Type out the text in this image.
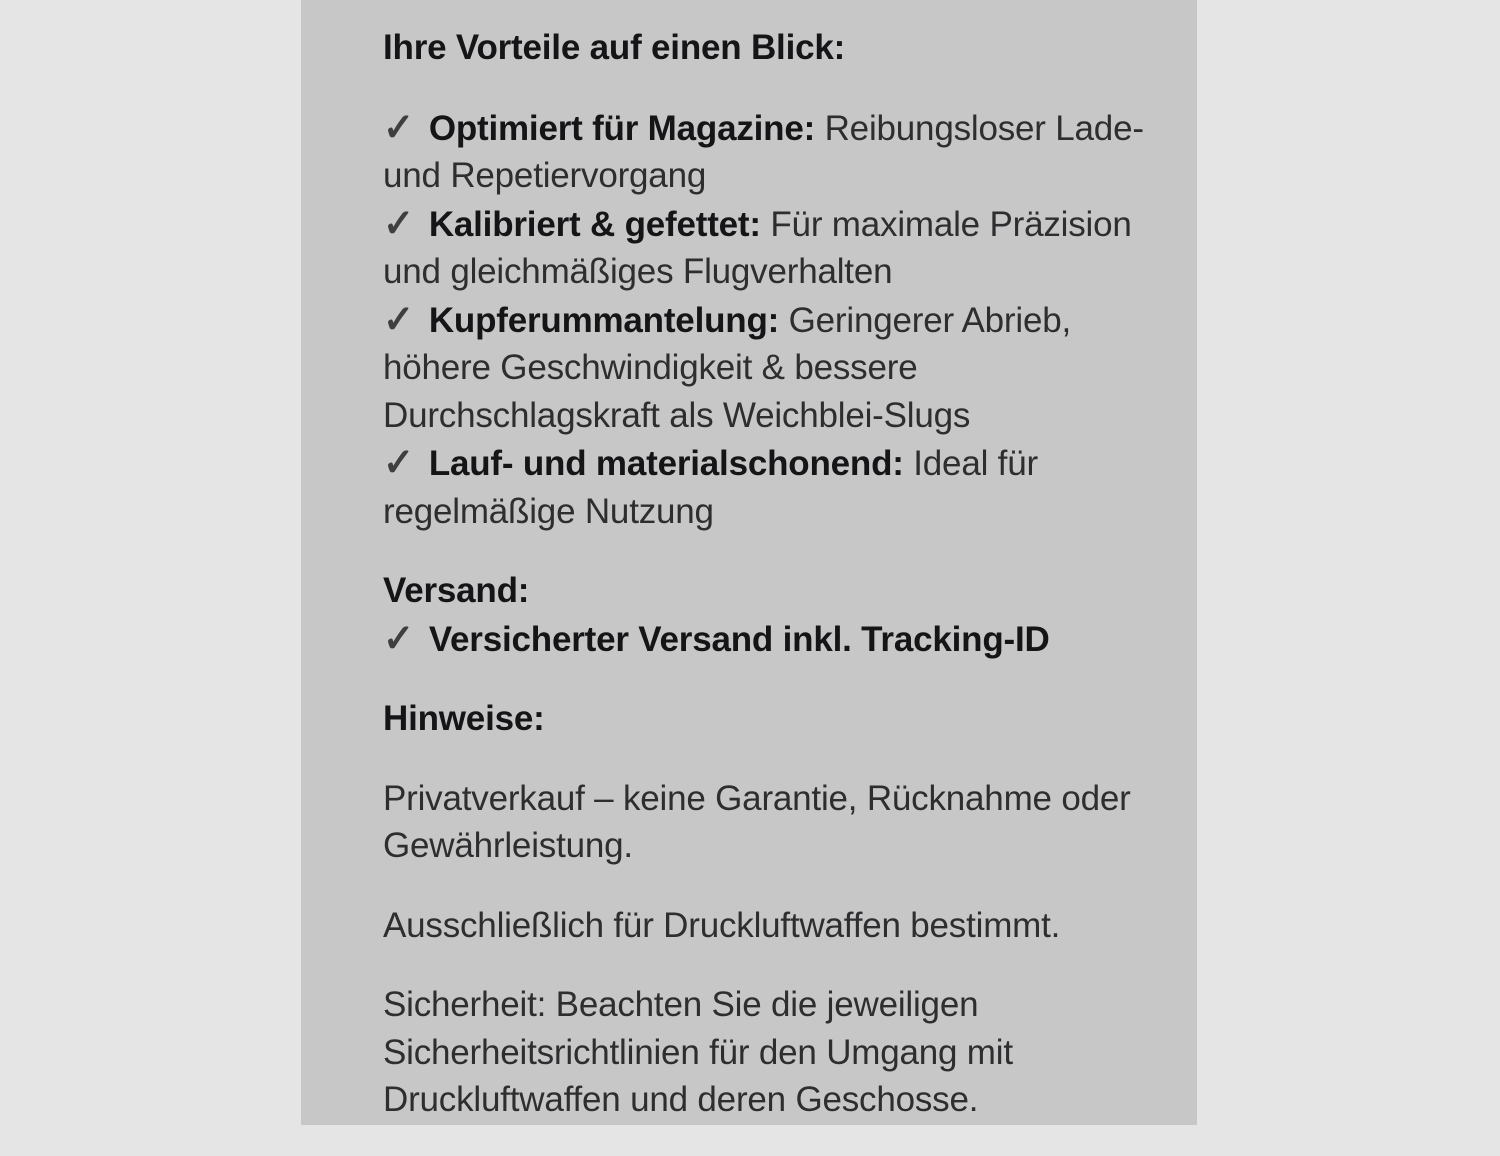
Ihre Vorteile auf einen Blick:
✓ Optimiert für Magazine: Reibungsloser Lade-
und Repetiervorgang
✓ Kalibriert & gefettet: Für maximale Präzision
und gleichmäßiges Flugverhalten
✓ Kupferummantelung: Geringerer Abrieb,
höhere Geschwindigkeit & bessere
Durchschlagskraft als Weichblei-Slugs
✓ Lauf- und materialschonend: Ideal für
regelmäßige Nutzung
Versand:
✓ Versicherter Versand inkl. Tracking-ID
Hinweise:
Privatverkauf – keine Garantie, Rücknahme oder
Gewährleistung.
Ausschließlich für Druckluftwaffen bestimmt.
Sicherheit: Beachten Sie die jeweiligen
Sicherheitsrichtlinien für den Umgang mit
Druckluftwaffen und deren Geschosse.
